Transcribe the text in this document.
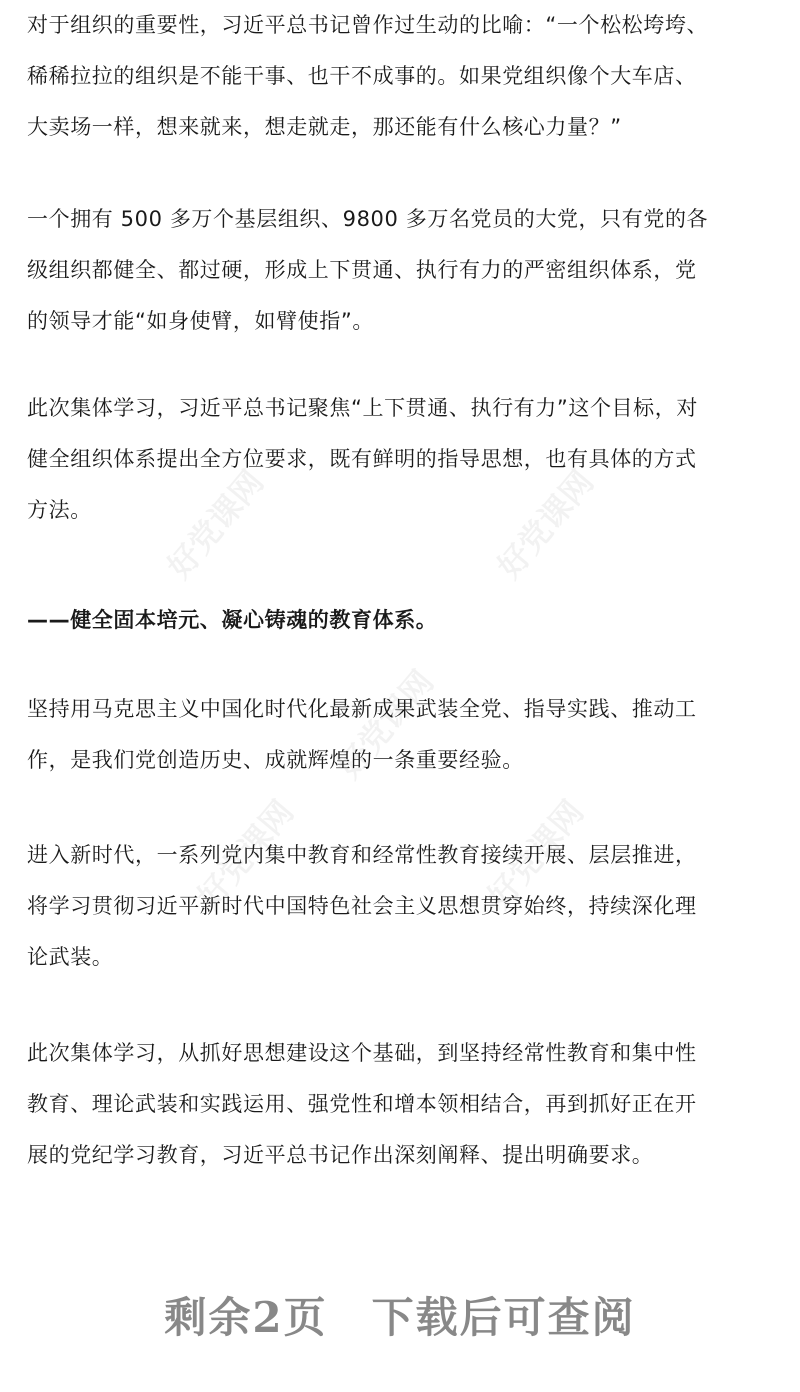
对于组织的重要性，习近平总书记曾作过生动的比喻：“一个松松垮垮、
稀稀拉拉的组织是不能干事、也干不成事的。如果党组织像个大车店、
大卖场一样，想来就来，想走就走，那还能有什么核心力量？”

一个拥有 500 多万个基层组织、9800 多万名党员的大党，只有党的各
级组织都健全、都过硬，形成上下贯通、执行有力的严密组织体系，党
的领导才能“如身使臂，如臂使指”。

此次集体学习，习近平总书记聚焦“上下贯通、执行有力”这个目标，对
健全组织体系提出全方位要求，既有鲜明的指导思想，也有具体的方式
方法。

——健全固本培元、凝心铸魂的教育体系。

坚持用马克思主义中国化时代化最新成果武装全党、指导实践、推动工
作，是我们党创造历史、成就辉煌的一条重要经验。

进入新时代，一系列党内集中教育和经常性教育接续开展、层层推进，
将学习贯彻习近平新时代中国特色社会主义思想贯穿始终，持续深化理
论武装。

此次集体学习，从抓好思想建设这个基础，到坚持经常性教育和集中性
教育、理论武装和实践运用、强党性和增本领相结合，再到抓好正在开
展的党纪学习教育，习近平总书记作出深刻阐释、提出明确要求。

好党课网	好党课网
好党课网
好党课网	好党课网
剩余2页 下载后可查阅
